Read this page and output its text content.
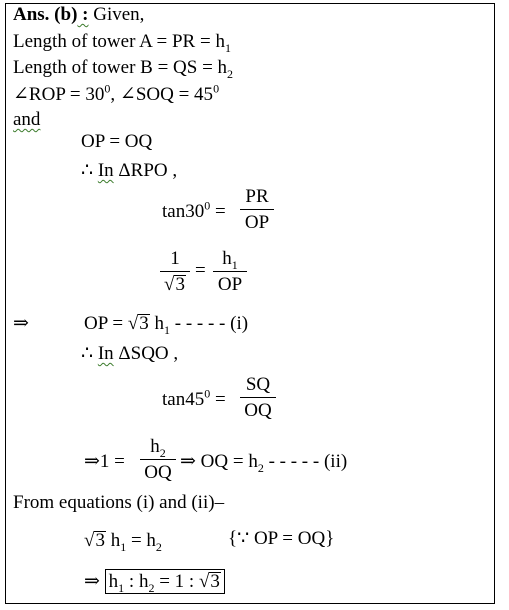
Ans. (b) : Given,
Length of tower A = PR = $h_1$
Length of tower B = QS = $h_2$
∠ROP = $30^0$, ∠SOQ = $45^0$
and
OP = OQ
∴ In ΔRPO ,
$\tan 30^0$ =
PR
OP
1
√3
=
$h_1$
OP
⇒	OP = √3 $h_1$ - - - - - (i)
∴ In ΔSQO ,
$\tan 45^0$ =
SQ
OQ
⇒1 =
$h_2$
OQ
⇒ OQ = $h_2$ - - - - - (ii)
From equations (i) and (ii)–
√3 $h_1 = h_2$	{∵ OP = OQ}
⇒ $h_1$ : $h_2 = 1$ : √3
